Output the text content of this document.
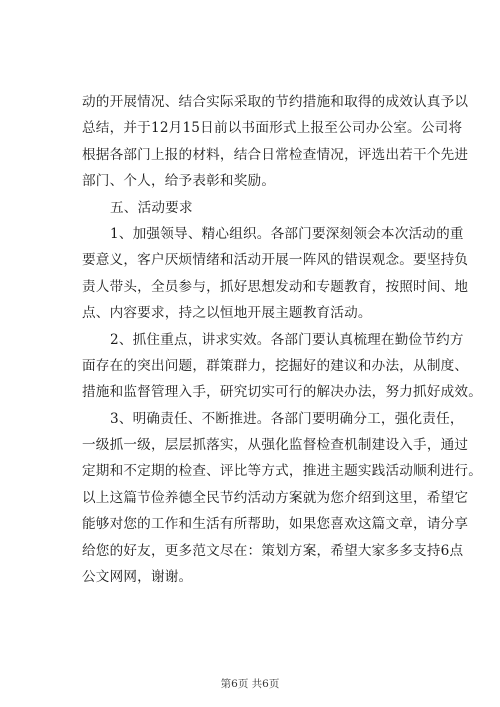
动的开展情况、结合实际采取的节约措施和取得的成效认真予以
总结，并于12月15日前以书面形式上报至公司办公室。公司将
根据各部门上报的材料，结合日常检查情况，评选出若干个先进
部门、个人，给予表彰和奖励。
五、活动要求
1、加强领导、精心组织。各部门要深刻领会本次活动的重
要意义，客户厌烦情绪和活动开展一阵风的错误观念。要坚持负
责人带头，全员参与，抓好思想发动和专题教育，按照时间、地
点、内容要求，持之以恒地开展主题教育活动。
2、抓住重点，讲求实效。各部门要认真梳理在勤俭节约方
面存在的突出问题，群策群力，挖掘好的建议和办法，从制度、
措施和监督管理入手，研究切实可行的解决办法，努力抓好成效。
3、明确责任、不断推进。各部门要明确分工，强化责任，
一级抓一级，层层抓落实，从强化监督检查机制建设入手，通过
定期和不定期的检查、评比等方式，推进主题实践活动顺利进行。
以上这篇节俭养德全民节约活动方案就为您介绍到这里，希望它
能够对您的工作和生活有所帮助，如果您喜欢这篇文章，请分享
给您的好友，更多范文尽在：策划方案，希望大家多多支持6点
公文网网，谢谢。
第6页 共6页
